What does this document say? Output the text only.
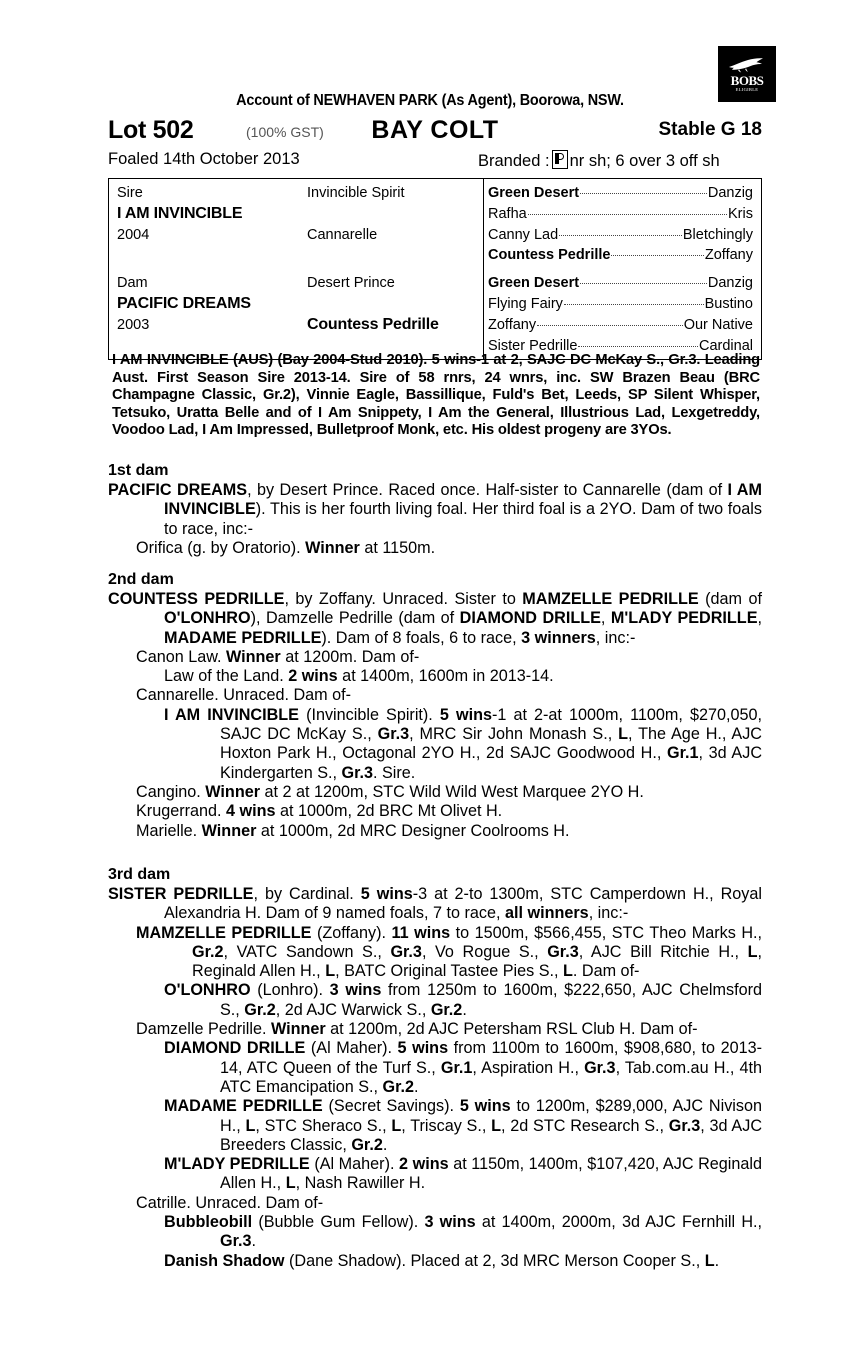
BOBS
ELIGIBLE
Account of NEWHAVEN PARK (As Agent), Boorowa, NSW.
BAY COLT
Lot 502	(100% GST)	Stable G 18
Foaled 14th October 2013	Branded : nr sh; 6 over 3 off sh
Sire
I AM INVINCIBLE
2004
Invincible Spirit
Cannarelle
Green Desert	Danzig
Rafha	Kris
Canny Lad	Bletchingly
Countess Pedrille	Zoffany
Dam
PACIFIC DREAMS
2003
Desert Prince
Countess Pedrille
Green Desert	Danzig
Flying Fairy	Bustino
Zoffany	Our Native
Sister Pedrille	Cardinal
I AM INVINCIBLE (AUS) (Bay 2004-Stud 2010). 5 wins-1 at 2, SAJC DC McKay S., Gr.3. Leading Aust. First Season Sire 2013-14. Sire of 58 rnrs, 24 wnrs, inc. SW Brazen Beau (BRC Champagne Classic, Gr.2), Vinnie Eagle, Bassillique, Fuld's Bet, Leeds, SP Silent Whisper, Tetsuko, Uratta Belle and of I Am Snippety, I Am the General, Illustrious Lad, Lexgetreddy, Voodoo Lad, I Am Impressed, Bulletproof Monk, etc. His oldest progeny are 3YOs.
1st dam

PACIFIC DREAMS, by Desert Prince. Raced once. Half-sister to Cannarelle (dam of I AM INVINCIBLE). This is her fourth living foal. Her third foal is a 2YO. Dam of two foals to race, inc:-

Orifica (g. by Oratorio). Winner at 1150m.

2nd dam

COUNTESS PEDRILLE, by Zoffany. Unraced. Sister to MAMZELLE PEDRILLE (dam of O'LONHRO), Damzelle Pedrille (dam of DIAMOND DRILLE, M'LADY PEDRILLE, MADAME PEDRILLE). Dam of 8 foals, 6 to race, 3 winners, inc:-

Canon Law. Winner at 1200m. Dam of-

Law of the Land. 2 wins at 1400m, 1600m in 2013-14.

Cannarelle. Unraced. Dam of-

I AM INVINCIBLE (Invincible Spirit). 5 wins-1 at 2-at 1000m, 1100m, $270,050, SAJC DC McKay S., Gr.3, MRC Sir John Monash S., L, The Age H., AJC Hoxton Park H., Octagonal 2YO H., 2d SAJC Goodwood H., Gr.1, 3d AJC Kindergarten S., Gr.3. Sire.

Cangino. Winner at 2 at 1200m, STC Wild Wild West Marquee 2YO H.

Krugerrand. 4 wins at 1000m, 2d BRC Mt Olivet H.

Marielle. Winner at 1000m, 2d MRC Designer Coolrooms H.

3rd dam

SISTER PEDRILLE, by Cardinal. 5 wins-3 at 2-to 1300m, STC Camperdown H., Royal Alexandria H. Dam of 9 named foals, 7 to race, all winners, inc:-

MAMZELLE PEDRILLE (Zoffany). 11 wins to 1500m, $566,455, STC Theo Marks H., Gr.2, VATC Sandown S., Gr.3, Vo Rogue S., Gr.3, AJC Bill Ritchie H., L, Reginald Allen H., L, BATC Original Tastee Pies S., L. Dam of-

O'LONHRO (Lonhro). 3 wins from 1250m to 1600m, $222,650, AJC Chelmsford S., Gr.2, 2d AJC Warwick S., Gr.2.

Damzelle Pedrille. Winner at 1200m, 2d AJC Petersham RSL Club H. Dam of-

DIAMOND DRILLE (Al Maher). 5 wins from 1100m to 1600m, $908,680, to 2013-14, ATC Queen of the Turf S., Gr.1, Aspiration H., Gr.3, Tab.com.au H., 4th ATC Emancipation S., Gr.2.

MADAME PEDRILLE (Secret Savings). 5 wins to 1200m, $289,000, AJC Nivison H., L, STC Sheraco S., L, Triscay S., L, 2d STC Research S., Gr.3, 3d AJC Breeders Classic, Gr.2.

M'LADY PEDRILLE (Al Maher). 2 wins at 1150m, 1400m, $107,420, AJC Reginald Allen H., L, Nash Rawiller H.

Catrille. Unraced. Dam of-

Bubbleobill (Bubble Gum Fellow). 3 wins at 1400m, 2000m, 3d AJC Fernhill H., Gr.3.

Danish Shadow (Dane Shadow). Placed at 2, 3d MRC Merson Cooper S., L.
